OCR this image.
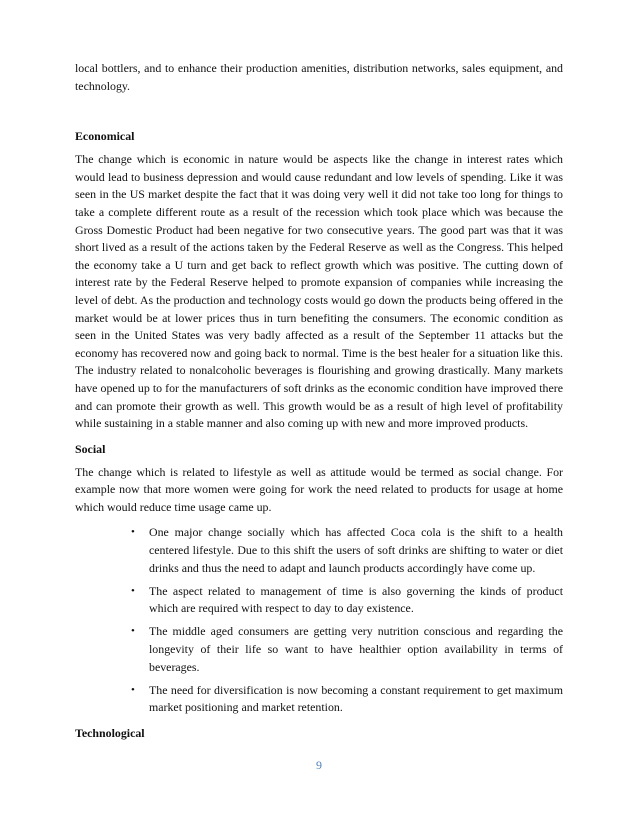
local bottlers, and to enhance their production amenities, distribution networks, sales equipment, and technology.

Economical

The change which is economic in nature would be aspects like the change in interest rates which would lead to business depression and would cause redundant and low levels of spending. Like it was seen in the US market despite the fact that it was doing very well it did not take too long for things to take a complete different route as a result of the recession which took place which was because the Gross Domestic Product had been negative for two consecutive years. The good part was that it was short lived as a result of the actions taken by the Federal Reserve as well as the Congress. This helped the economy take a U turn and get back to reflect growth which was positive. The cutting down of interest rate by the Federal Reserve helped to promote expansion of companies while increasing the level of debt. As the production and technology costs would go down the products being offered in the market would be at lower prices thus in turn benefiting the consumers. The economic condition as seen in the United States was very badly affected as a result of the September 11 attacks but the economy has recovered now and going back to normal. Time is the best healer for a situation like this. The industry related to nonalcoholic beverages is flourishing and growing drastically. Many markets have opened up to for the manufacturers of soft drinks as the economic condition have improved there and can promote their growth as well. This growth would be as a result of high level of profitability while sustaining in a stable manner and also coming up with new and more improved products.

Social

The change which is related to lifestyle as well as attitude would be termed as social change. For example now that more women were going for work the need related to products for usage at home which would reduce time usage came up.

• One major change socially which has affected Coca cola is the shift to a health centered lifestyle. Due to this shift the users of soft drinks are shifting to water or diet drinks and thus the need to adapt and launch products accordingly have come up.
• The aspect related to management of time is also governing the kinds of product which are required with respect to day to day existence.
• The middle aged consumers are getting very nutrition conscious and regarding the longevity of their life so want to have healthier option availability in terms of beverages.
• The need for diversification is now becoming a constant requirement to get maximum market positioning and market retention.
Technological
9
